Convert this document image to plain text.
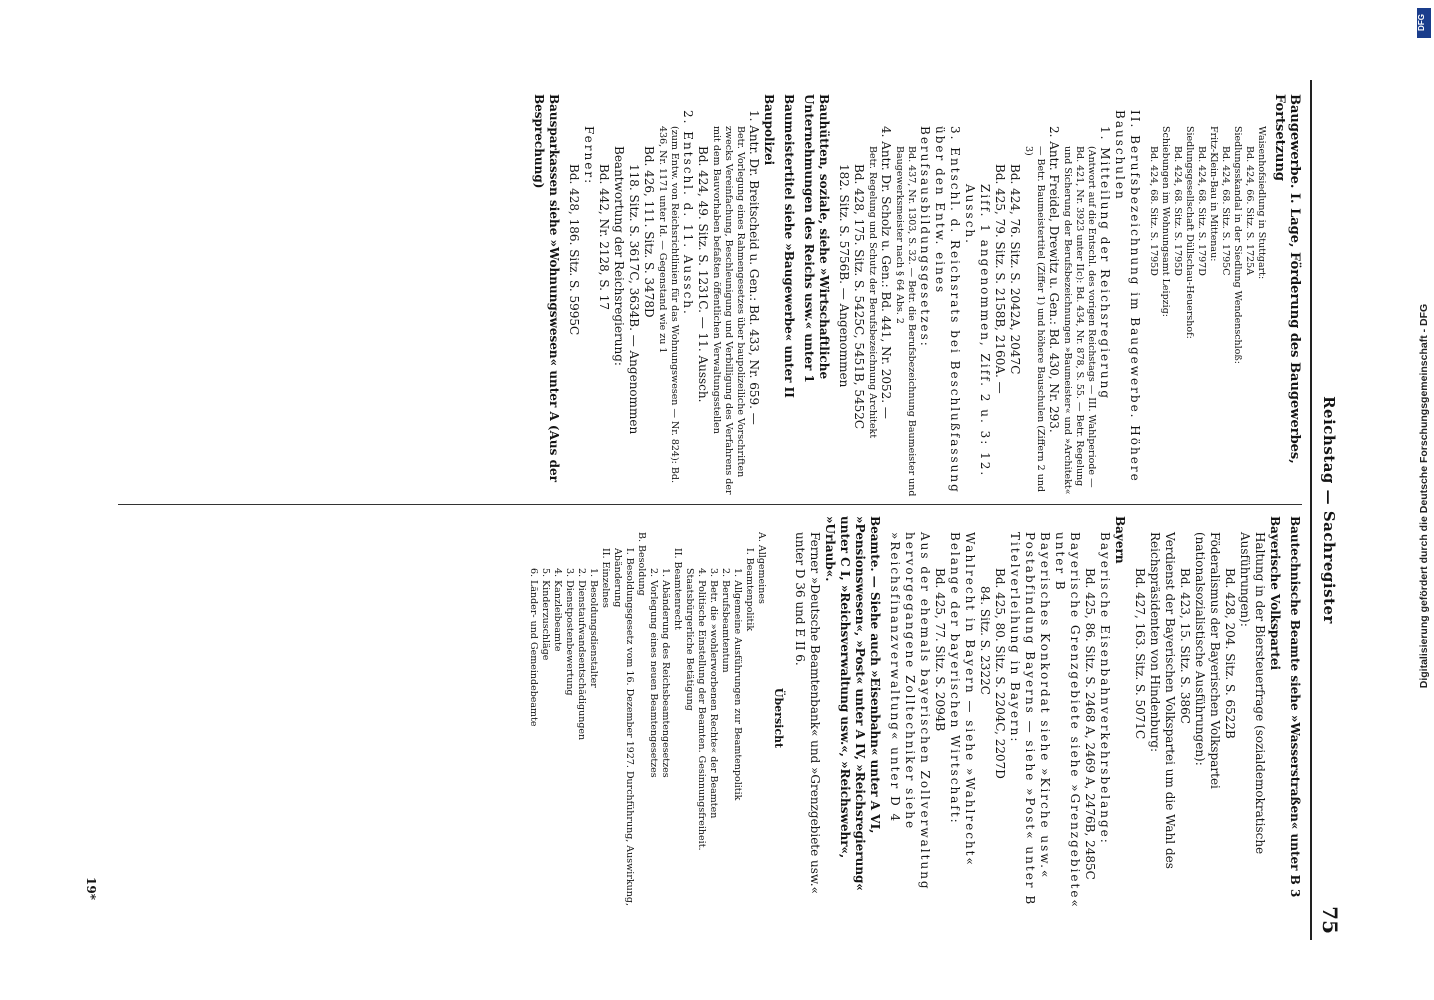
Reichstag — Sachregister
75
Baugewerbe. I. Lage, Förderung des Baugewerbes, Fortsetzung
Waisenhofsiedlung in Stuttgart:
Bd. 424, 66. Sitz. S. 1725A
Siedlungsskandal in der Siedlung Wendenschloß:
Bd. 424, 68. Sitz. S. 1795C
Fritz-Klein-Bau in Mittenau:
Bd. 424, 68. Sitz. S. 1797D
Siedlungsgesellschaft Düllschau-Heuershof:
Bd. 424, 68. Sitz. S. 1795D
Schiebungen im Wohnungsamt Leipzig:
Bd. 424, 68. Sitz. S. 1795D
II. Berufsbezeichnung im Baugewerbe. Höhere Bauschulen
1. Mitteilung der Reichsregierung
(Antwort auf die Entschl. des vorigen Reichstags — III. Wahlperiode — Bd. 421, Nr. 3923 unter IIc): Bd. 434, Nr. 878, S. 55. — Betr. Regelung und Sicherung der Berufsbezeichnungen »Baumeister« und »Architekt«
2. Antr. Freidel, Drewitz u. Gen.: Bd. 430, Nr. 293.
— Betr. Baumeistertitel (Ziffer 1) und höhere Bauschulen (Ziffern 2 und 3)
Bd. 424, 76. Sitz. S. 2042A, 2047C
Bd. 425, 79. Sitz. S. 2158B, 2160A. —
Ziff. 1 angenommen, Ziff. 2 u. 3: 12. Aussch.
3. Entschl. d. Reichsrats bei Beschlußfassung über den Entw. eines Berufsausbildungsgesetzes:
Bd. 437, Nr. 1303, S. 32. — Betr. die Berufsbezeichnung Baumeister und Baugewerksmeister nach § 64 Abs. 2
4. Antr. Dr. Scholz u. Gen.: Bd. 441, Nr. 2052. —
Betr. Regelung und Schutz der Berufsbezeichnung Architekt
Bd. 428, 175. Sitz. S. 5425C, 5451B, 5452C
182. Sitz. S. 5756B. — Angenommen
Bauhütten, soziale, siehe »Wirtschaftliche Unternehmungen des Reichs usw.« unter 1
Baumeistertitel siehe »Baugewerbe« unter II
Baupolizei
1. Antr. Dr. Breitscheid u. Gen.: Bd. 433, Nr. 659. —
Betr. Vorlegung eines Rahmengesetzes über baupolizeiliche Vorschriften zwecks Vereinfachung, Beschleunigung und Verbilligung des Verfahrens der mit dem Bauvorhaben befaßten öffentlichen Verwaltungsstellen
Bd. 424, 49. Sitz. S. 1231C. — 11. Aussch.
2. Entschl. d. 11. Aussch.
(zum Entw. von Reichsrichtlinien für das Wohnungswesen — Nr. 824): Bd. 436, Nr. 1171 unter Id. — Gegenstand wie zu 1
Bd. 426, 111. Sitz. S. 3478D
118. Sitz. S. 3617C, 3634B. — Angenommen
Beantwortung der Reichsregierung:
Bd. 442, Nr. 2128, S. 17
Ferner:
Bd. 428, 186. Sitz. S. 5995C
Bausparkassen siehe »Wohnungswesen« unter A (Aus der Besprechung)
Bautechnische Beamte siehe »Wasserstraßen« unter B 3
Bayerische Volkspartei
Haltung in der Biersteuerfrage (sozialdemokratische Ausführungen):
Bd. 428, 204. Sitz. S. 6522B
Föderalismus der Bayerischen Volkspartei (nationalsozialistische Ausführungen):
Bd. 423, 15. Sitz. S. 386C
Verdienst der Bayerischen Volkspartei um die Wahl des Reichspräsidenten von Hindenburg:
Bd. 427, 163. Sitz. S. 5071C
Bayern
Bayerische Eisenbahnverkehrsbelange:
Bd. 425, 86. Sitz. S. 2468 A, 2469 A, 2476B, 2485C
Bayerische Grenzgebiete siehe »Grenzgebiete« unter B
Bayerisches Konkordat siehe »Kirche usw.«
Postabfindung Bayerns — siehe »Post« unter B
Titelverleihung in Bayern:
Bd. 425, 80. Sitz. S. 2204C, 2207D
84. Sitz. S. 2322C
Wahlrecht in Bayern — siehe »Wahlrecht«
Belange der bayerischen Wirtschaft:
Bd. 425, 77. Sitz. S. 2094B
Aus der ehemals bayerischen Zollverwaltung hervorgegangene Zolltechniker siehe »Reichsfinanzverwaltung« unter D 4
Beamte. — Siehe auch »Eisenbahn« unter A VI, »Pensionswesen«, »Post« unter A IV, »Reichsregierung« unter C I, »Reichsverwaltung usw.«, »Reichswehr«, »Urlaub«.
Ferner »Deutsche Beamtenbank« und »Grenzgebiete usw.« unter D 36 und E II 6.
Übersicht
A. Allgemeines
I. Beamtenpolitik
1. Allgemeine Ausführungen zur Beamtenpolitik
2. Berufsbeamtentum
3. Betr. die »wohlerworbenen Rechte« der Beamten
4. Politische Einstellung der Beamten. Gesinnungsfreiheit. Staatsbürgerliche Betätigung
II. Beamtenrecht
1. Abänderung des Reichsbeamtengesetzes
2. Vorlegung eines neuen Beamtengesetzes
B. Besoldung
I. Besoldungsgesetz vom 16. Dezember 1927. Durchführung, Auswirkung, Abänderung
II. Einzelnes
1. Besoldungsdienstalter
2. Dienstaufwandsentschädigungen
3. Dienstpostenbewertung
4. Kanzleibeamte
5. Kinderzuschläge
6. Länder- und Gemeindebeamte
19*
Digitalisierung gefördert durch die Deutsche Forschungsgemeinschaft - DFG
DFG
